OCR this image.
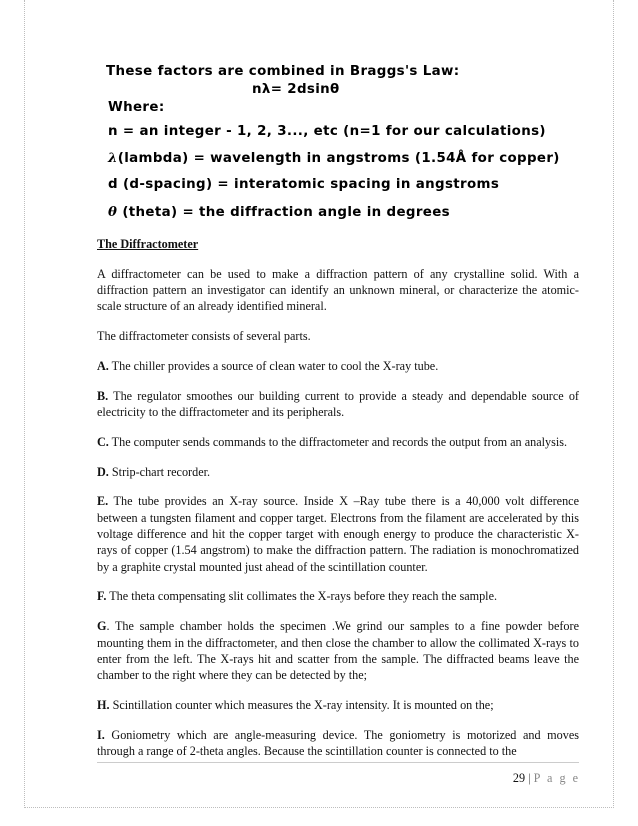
These factors are combined in Braggs's Law:
nλ= 2dsinθ
Where:
n = an integer - 1, 2, 3..., etc (n=1 for our calculations)
λ(lambda) = wavelength in angstroms (1.54Å for copper)
d (d-spacing) = interatomic spacing in angstroms
θ (theta) = the diffraction angle in degrees

The Diffractometer

A diffractometer can be used to make a diffraction pattern of any crystalline solid. With a diffraction pattern an investigator can identify an unknown mineral, or characterize the atomic-scale structure of an already identified mineral.

The diffractometer consists of several parts.

A. The chiller provides a source of clean water to cool the X-ray tube.

B. The regulator smoothes our building current to provide a steady and dependable source of electricity to the diffractometer and its peripherals.

C. The computer sends commands to the diffractometer and records the output from an analysis.

D. Strip-chart recorder.

E. The tube provides an X-ray source. Inside X –Ray tube there is a 40,000 volt difference between a tungsten filament and copper target. Electrons from the filament are accelerated by this voltage difference and hit the copper target with enough energy to produce the characteristic X-rays of copper (1.54 angstrom) to make the diffraction pattern. The radiation is monochromatized by a graphite crystal mounted just ahead of the scintillation counter.

F. The theta compensating slit collimates the X-rays before they reach the sample.

G. The sample chamber holds the specimen .We grind our samples to a fine powder before mounting them in the diffractometer, and then close the chamber to allow the collimated X-rays to enter from the left. The X-rays hit and scatter from the sample. The diffracted beams leave the chamber to the right where they can be detected by the;

H. Scintillation counter which measures the X-ray intensity. It is mounted on the;

I. Goniometry which are angle-measuring device. The goniometry is motorized and moves through a range of 2-theta angles. Because the scintillation counter is connected to the

29 | P a g e
